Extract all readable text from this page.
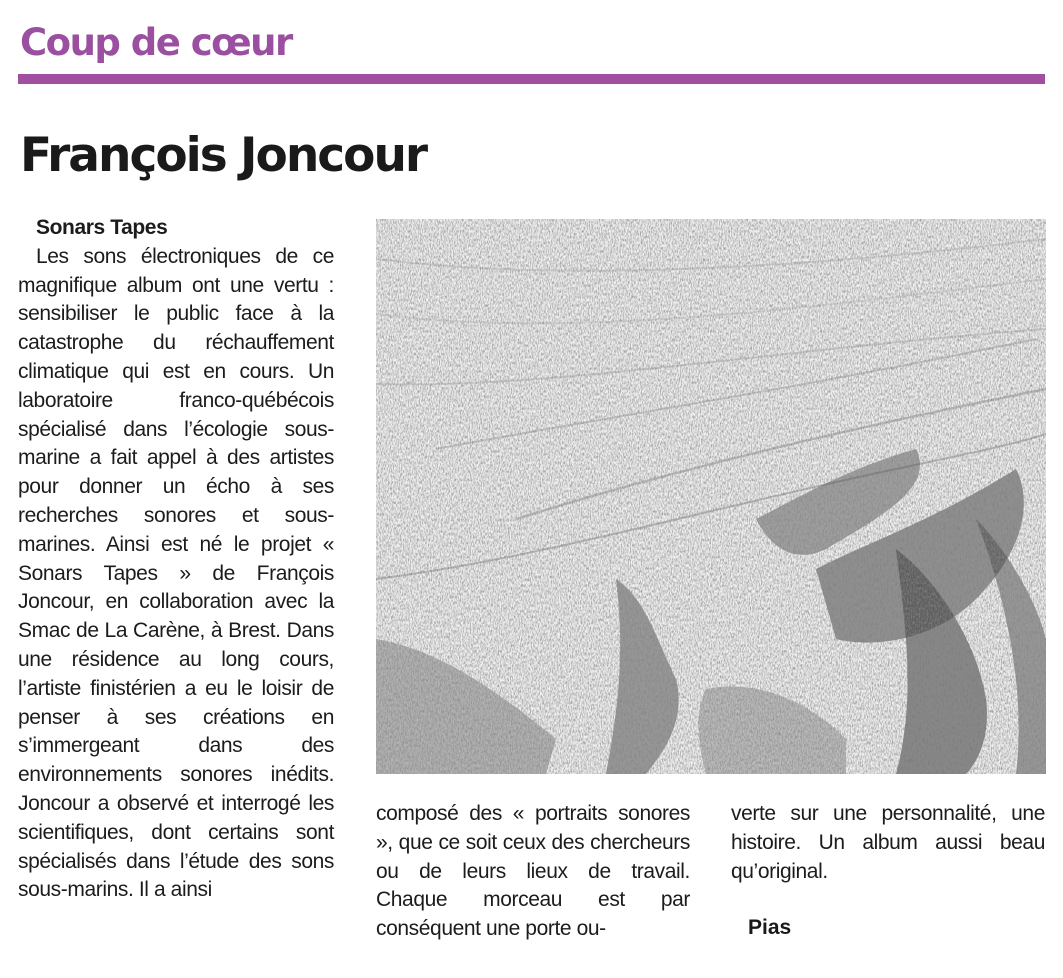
Coup de cœur
François Joncour

Sonars Tapes

Les sons électroniques de ce magnifique album ont une vertu : sensibiliser le public face à la catastrophe du réchauffement climatique qui est en cours. Un laboratoire franco-québécois spécialisé dans l’écologie sous-marine a fait appel à des artistes pour donner un écho à ses recherches sonores et sous-marines. Ainsi est né le projet « Sonars Tapes » de François Joncour, en collaboration avec la Smac de La Carène, à Brest. Dans une résidence au long cours, l’artiste finistérien a eu le loisir de penser à ses créations en s’immergeant dans des environnements sonores inédits. Joncour a observé et interrogé les scientifiques, dont certains sont spécialisés dans l’étude des sons sous-marins. Il a ainsi

composé des « portraits sonores », que ce soit ceux des chercheurs ou de leurs lieux de travail. Chaque morceau est par conséquent une porte ou-

verte sur une personnalité, une histoire. Un album aussi beau qu’original.

Pias
